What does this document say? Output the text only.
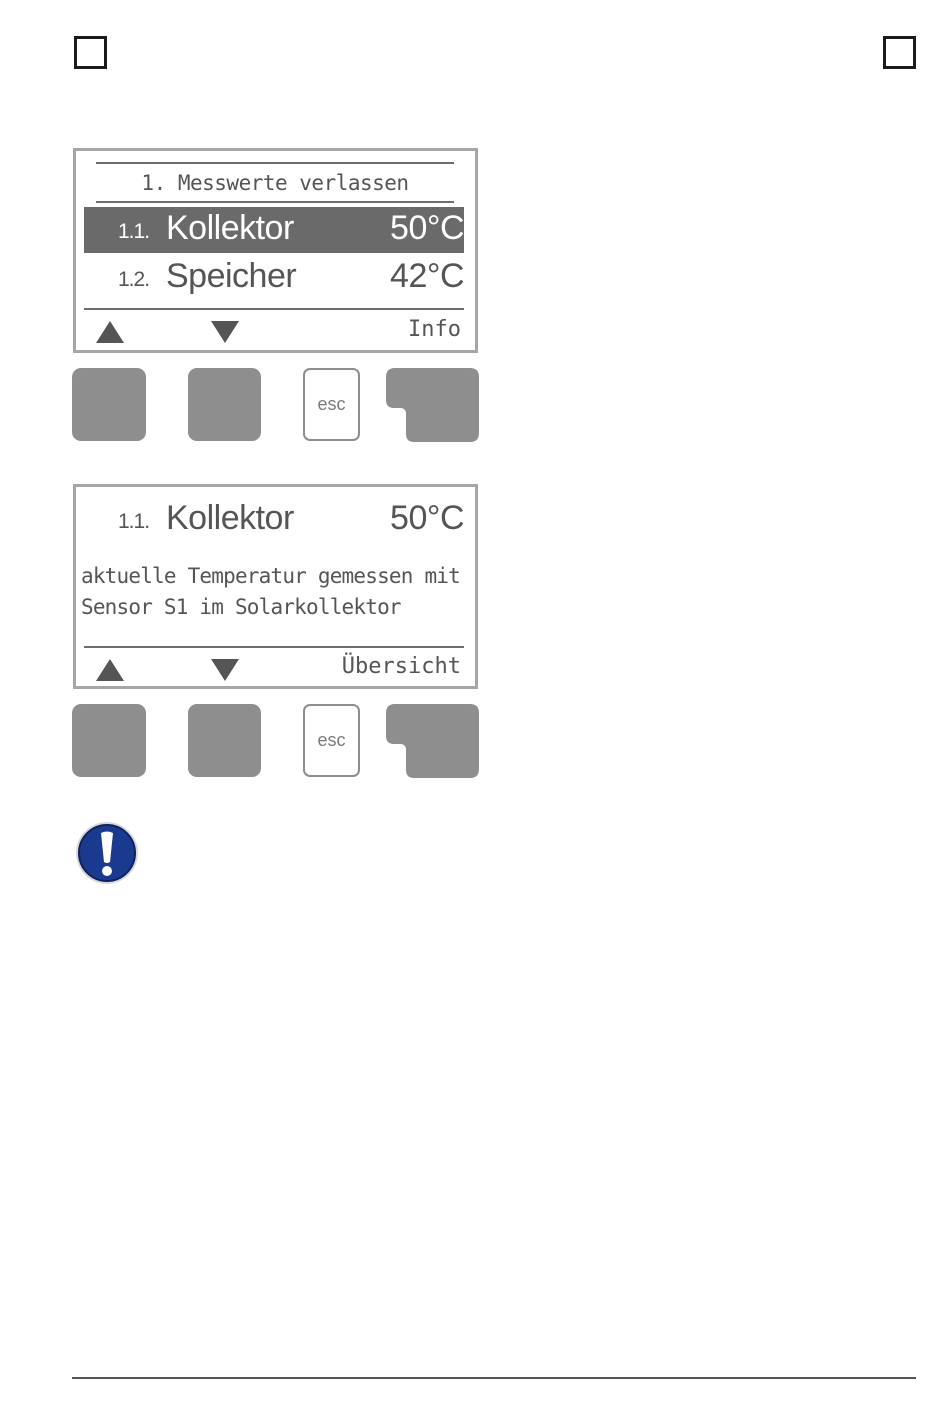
1. Messwerte verlassen
1.1. Kollektor	50°C
1.2. Speicher	42°C
Info
esc
1.1. Kollektor	50°C
aktuelle Temperatur gemessen mit
Sensor S1 im Solarkollektor
Übersicht
esc
